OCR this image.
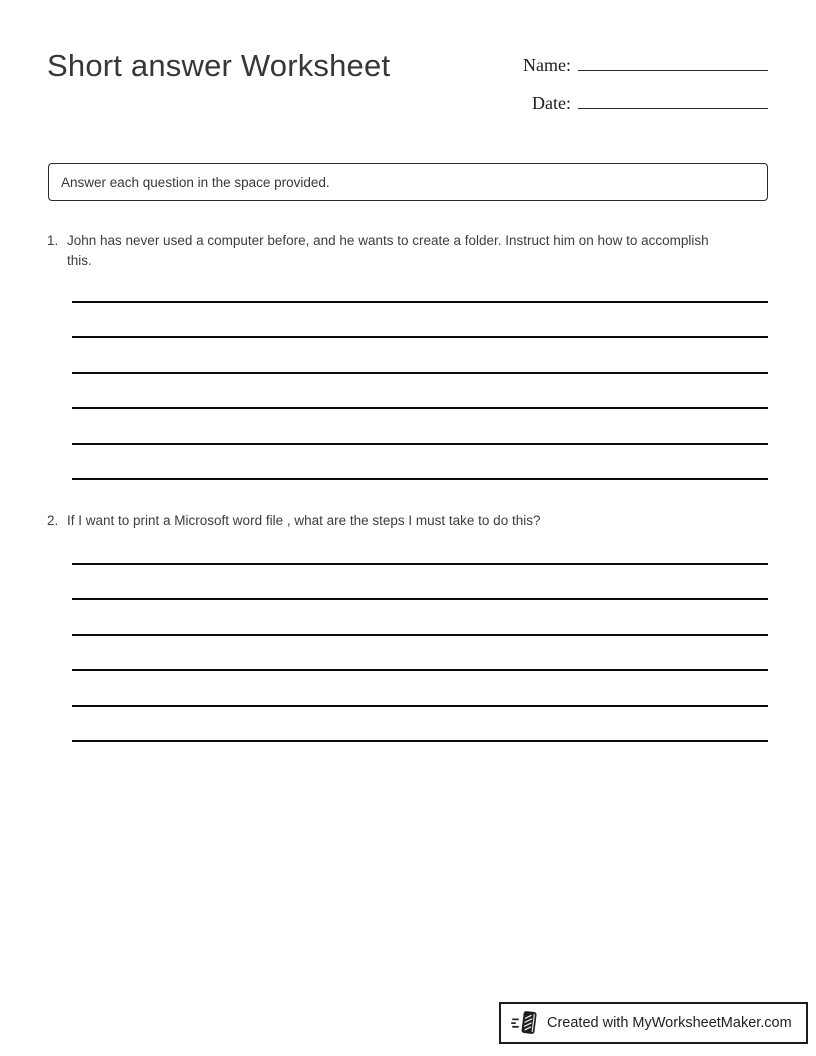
Short answer Worksheet	Name:
Date:
Answer each question in the space provided.
1. John has never used a computer before, and he wants to create a folder. Instruct him on how to accomplish this.
2. If I want to print a Microsoft word file , what are the steps I must take to do this?
Created with MyWorksheetMaker.com
